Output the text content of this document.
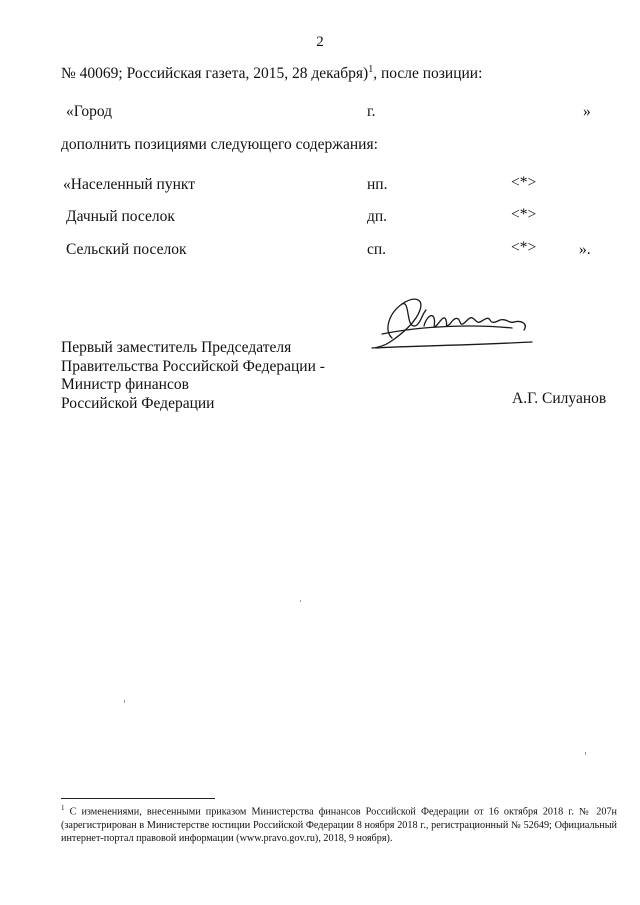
2
№ 40069; Российская газета, 2015, 28 декабря)$^1$, после позиции:
«Город	г.	»
дополнить позициями следующего содержания:
«Населенный пункт	нп.	<*>
Дачный поселок	дп.	<*>
Сельский поселок	сп.	<*>	».
Первый заместитель Председателя
Правительства Российской Федерации -
Министр финансов
Российской Федерации	А.Г. Силуанов
$^1$ С изменениями, внесенными приказом Министерства финансов Российской Федерации от 16 октября 2018 г. № 207н (зарегистрирован в Министерстве юстиции Российской Федерации 8 ноября 2018 г., регистрационный № 52649; Официальный интернет-портал правовой информации (www.pravo.gov.ru), 2018, 9 ноября).
